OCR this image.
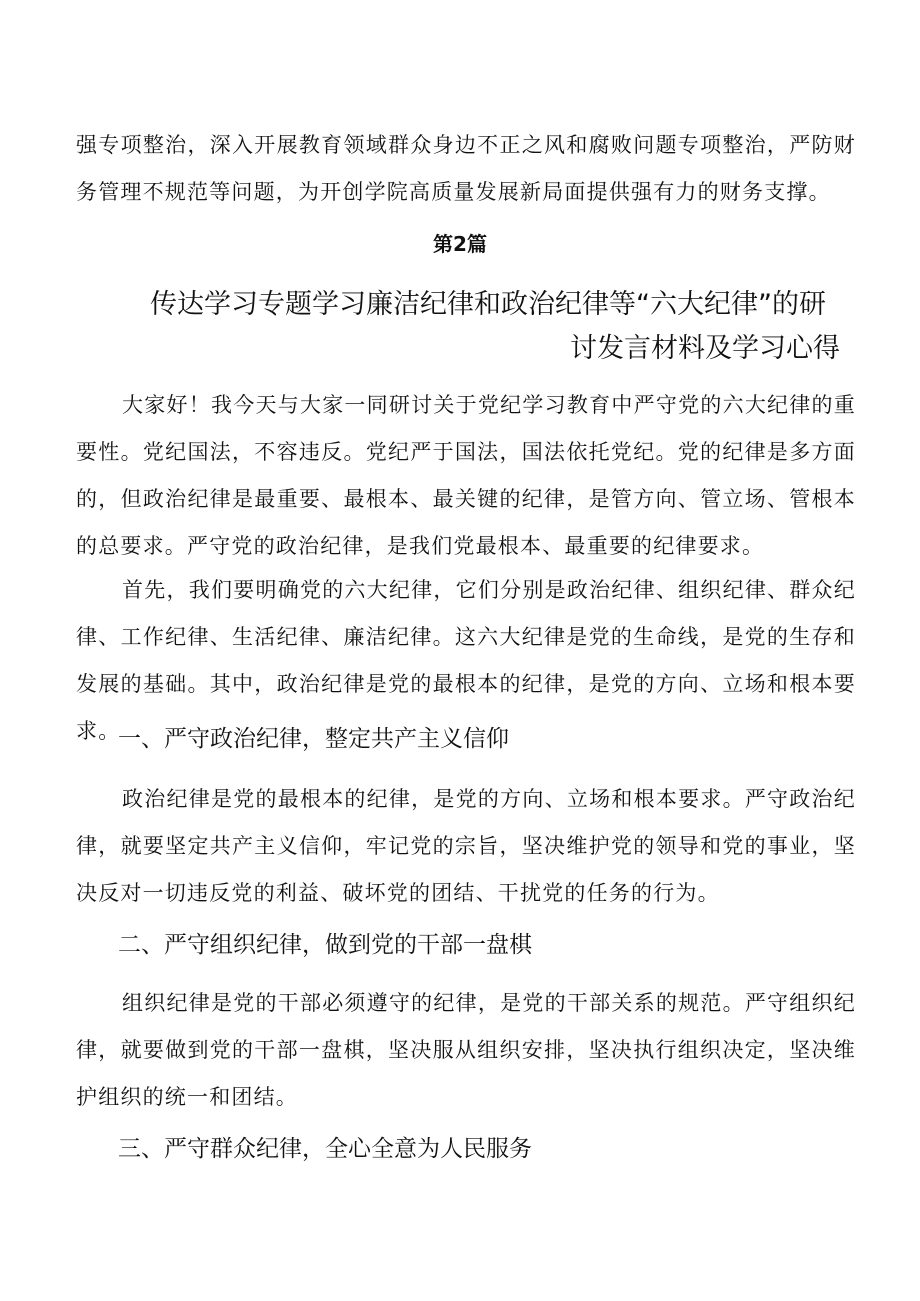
强专项整治，深入开展教育领域群众身边不正之风和腐败问题专项整治，严防财务管理不规范等问题，为开创学院高质量发展新局面提供强有力的财务支撑。

第2篇

传达学习专题学习廉洁纪律和政治纪律等“六大纪律”的研
讨发言材料及学习心得

大家好！我今天与大家一同研讨关于党纪学习教育中严守党的六大纪律的重要性。党纪国法，不容违反。党纪严于国法，国法依托党纪。党的纪律是多方面的，但政治纪律是最重要、最根本、最关键的纪律，是管方向、管立场、管根本的总要求。严守党的政治纪律，是我们党最根本、最重要的纪律要求。

首先，我们要明确党的六大纪律，它们分别是政治纪律、组织纪律、群众纪律、工作纪律、生活纪律、廉洁纪律。这六大纪律是党的生命线，是党的生存和发展的基础。其中，政治纪律是党的最根本的纪律，是党的方向、立场和根本要求。

一、严守政治纪律，整定共产主义信仰

政治纪律是党的最根本的纪律，是党的方向、立场和根本要求。严守政治纪律，就要坚定共产主义信仰，牢记党的宗旨，坚决维护党的领导和党的事业，坚决反对一切违反党的利益、破坏党的团结、干扰党的任务的行为。

二、严守组织纪律，做到党的干部一盘棋

组织纪律是党的干部必须遵守的纪律，是党的干部关系的规范。严守组织纪律，就要做到党的干部一盘棋，坚决服从组织安排，坚决执行组织决定，坚决维护组织的统一和团结。

三、严守群众纪律，全心全意为人民服务
